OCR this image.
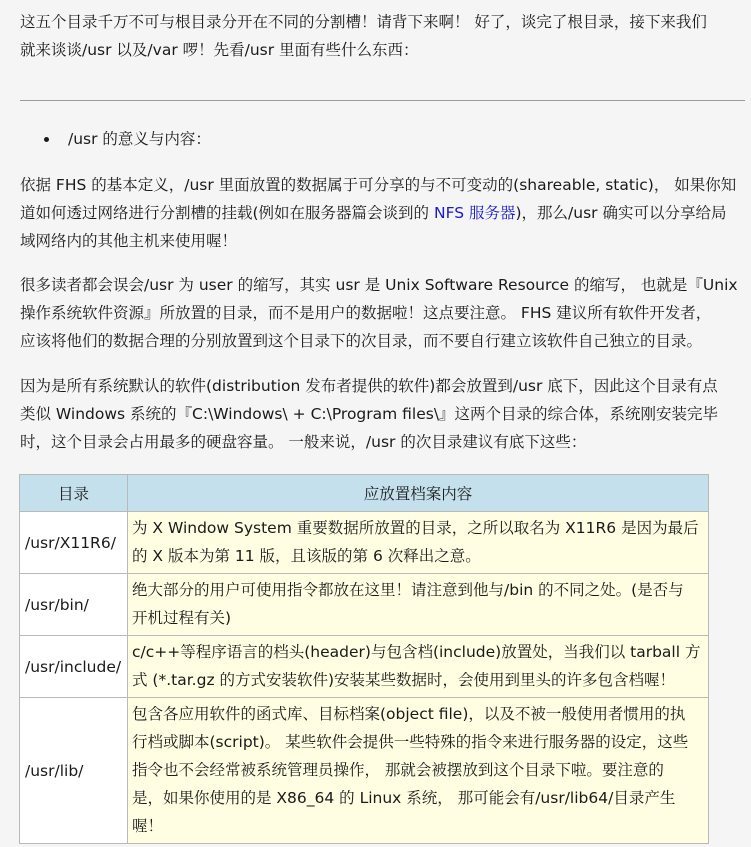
这五个目录千万不可与根目录分开在不同的分割槽！请背下来啊！ 好了，谈完了根目录，接下来我们
就来谈谈/usr 以及/var 啰！先看/usr 里面有些什么东西：

/usr 的意义与内容：

依据 FHS 的基本定义，/usr 里面放置的数据属于可分享的与不可变动的(shareable, static)， 如果你知
道如何透过网络进行分割槽的挂载(例如在服务器篇会谈到的 NFS 服务器)，那么/usr 确实可以分享给局
域网络内的其他主机来使用喔！

很多读者都会误会/usr 为 user 的缩写，其实 usr 是 Unix Software Resource 的缩写， 也就是『Unix
操作系统软件资源』所放置的目录，而不是用户的数据啦！这点要注意。 FHS 建议所有软件开发者，
应该将他们的数据合理的分别放置到这个目录下的次目录，而不要自行建立该软件自己独立的目录。

因为是所有系统默认的软件(distribution 发布者提供的软件)都会放置到/usr 底下，因此这个目录有点
类似 Windows 系统的『C:\Windows\ + C:\Program files\』这两个目录的综合体，系统刚安装完毕
时，这个目录会占用最多的硬盘容量。 一般来说，/usr 的次目录建议有底下这些：

目录	应放置档案内容
/usr/X11R6/	为 X Window System 重要数据所放置的目录，之所以取名为 X11R6 是因为最后
的 X 版本为第 11 版，且该版的第 6 次释出之意。
/usr/bin/	绝大部分的用户可使用指令都放在这里！请注意到他与/bin 的不同之处。(是否与
开机过程有关)
/usr/include/	c/c++等程序语言的档头(header)与包含档(include)放置处，当我们以 tarball 方
式 (*.tar.gz 的方式安装软件)安装某些数据时，会使用到里头的许多包含档喔！
/usr/lib/	包含各应用软件的函式库、目标档案(object file)，以及不被一般使用者惯用的执
行档或脚本(script)。 某些软件会提供一些特殊的指令来进行服务器的设定，这些
指令也不会经常被系统管理员操作， 那就会被摆放到这个目录下啦。要注意的
是，如果你使用的是 X86_64 的 Linux 系统， 那可能会有/usr/lib64/目录产生
喔！
